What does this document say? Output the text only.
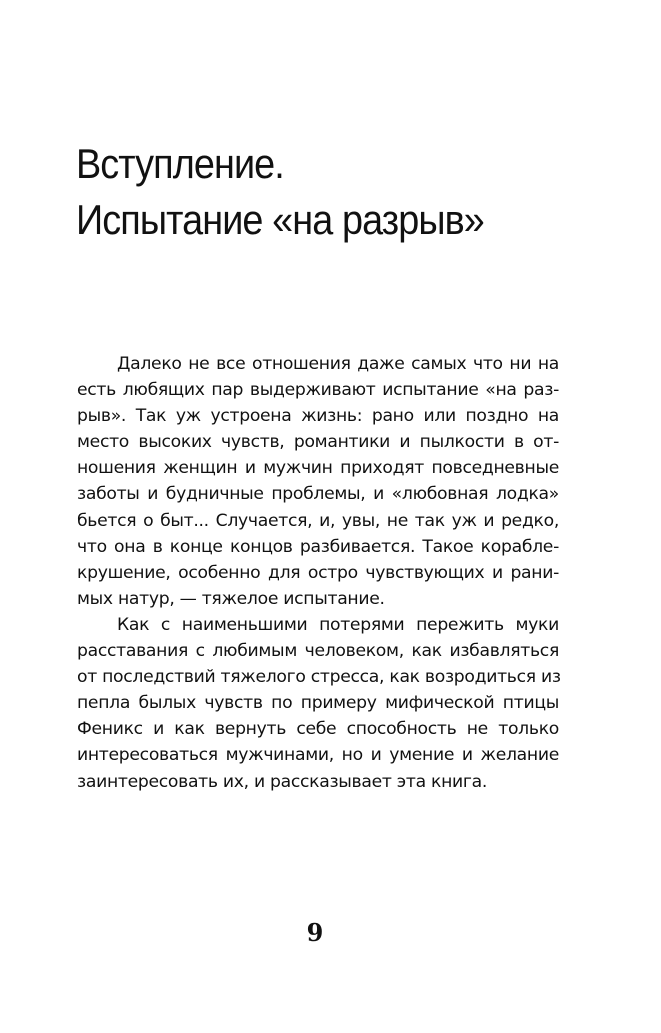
Вступление.
Испытание «на разрыв»
Далеко не все отношения даже самых что ни на
есть любящих пар выдерживают испытание «на раз-
рыв». Так уж устроена жизнь: рано или поздно на
место высоких чувств, романтики и пылкости в от-
ношения женщин и мужчин приходят повседневные
заботы и будничные проблемы, и «любовная лодка»
бьется о быт... Случается, и, увы, не так уж и редко,
что она в конце концов разбивается. Такое корабле-
крушение, особенно для остро чувствующих и рани-
мых натур, — тяжелое испытание.
Как с наименьшими потерями пережить муки
расставания с любимым человеком, как избавляться
от последствий тяжелого стресса, как возродиться из
пепла былых чувств по примеру мифической птицы
Феникс и как вернуть себе способность не только
интересоваться мужчинами, но и умение и желание
заинтересовать их, и рассказывает эта книга.
9
